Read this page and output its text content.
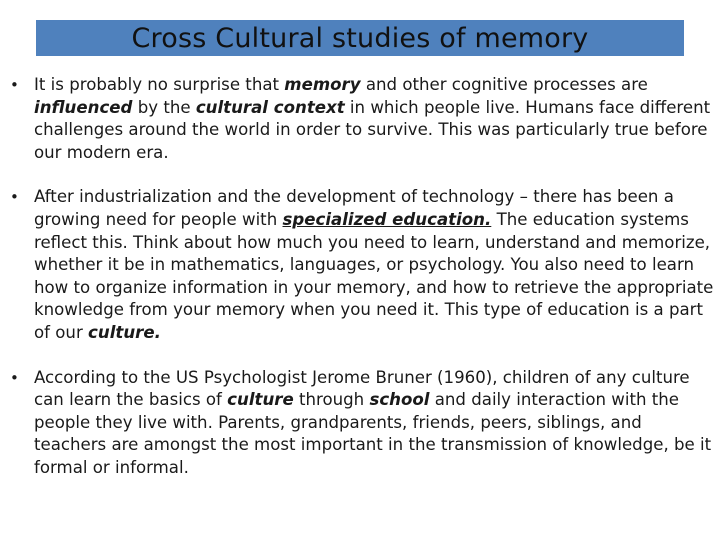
Cross Cultural studies of memory
• It is probably no surprise that memory and other cognitive processes are influenced by the cultural context in which people live. Humans face different challenges around the world in order to survive. This was particularly true before our modern era.
• After industrialization and the development of technology – there has been a growing need for people with specialized education. The education systems reflect this. Think about how much you need to learn, understand and memorize, whether it be in mathematics, languages, or psychology. You also need to learn how to organize information in your memory, and how to retrieve the appropriate knowledge from your memory when you need it. This type of education is a part of our culture.
• According to the US Psychologist Jerome Bruner (1960), children of any culture can learn the basics of culture through school and daily interaction with the people they live with. Parents, grandparents, friends, peers, siblings, and teachers are amongst the most important in the transmission of knowledge, be it formal or informal.
